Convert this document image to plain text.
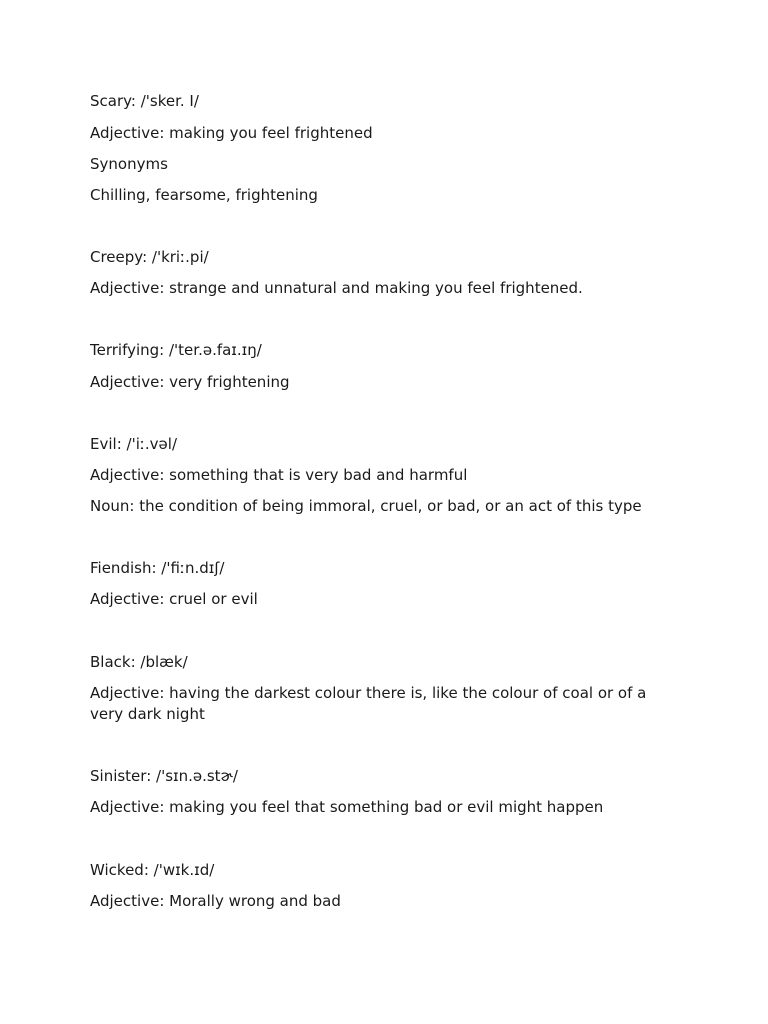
Scary: /'sker. I/
Adjective: making you feel frightened
Synonyms
Chilling, fearsome, frightening
Creepy: /'kriː.pi/
Adjective: strange and unnatural and making you feel frightened.
Terrifying: /'ter.ə.faɪ.ɪŋ/
Adjective: very frightening
Evil: /'iː.vəl/
Adjective: something that is very bad and harmful
Noun: the condition of being immoral, cruel, or bad, or an act of this type
Fiendish: /'fiːn.dɪʃ/
Adjective: cruel or evil
Black: /blæk/
Adjective: having the darkest colour there is, like the colour of coal or of a very dark night
Sinister: /'sɪn.ə.stɚ/
Adjective: making you feel that something bad or evil might happen
Wicked: /'wɪk.ɪd/
Adjective: Morally wrong and bad
